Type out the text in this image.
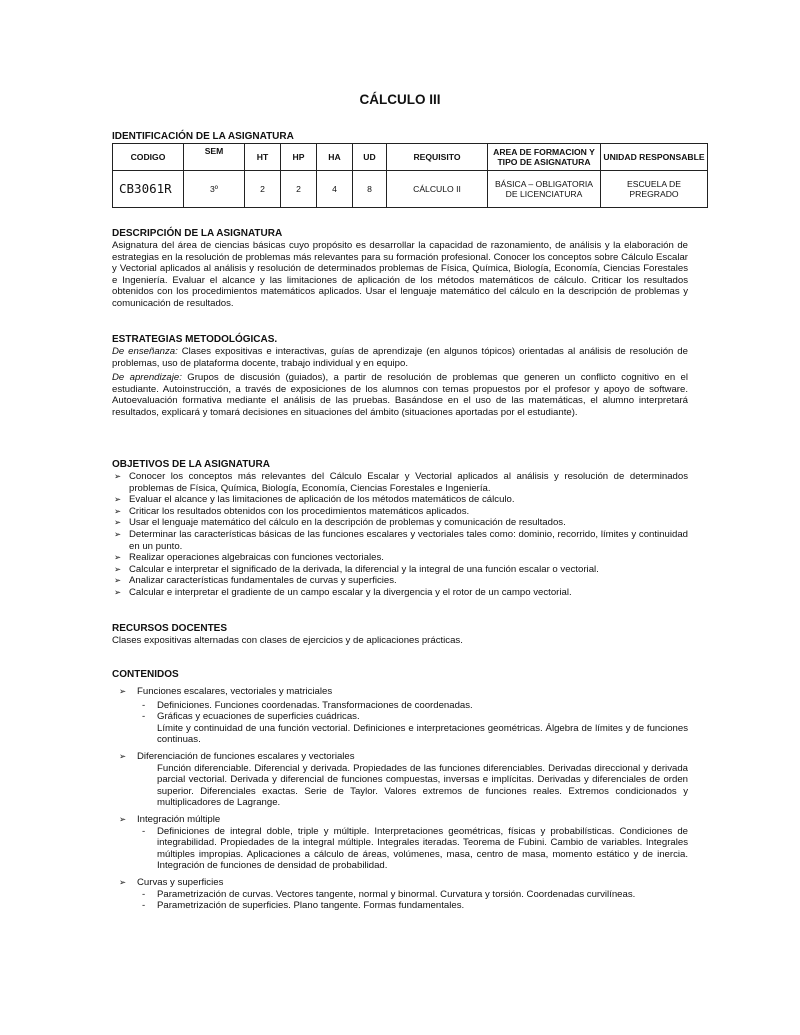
CÁLCULO III

IDENTIFICACIÓN DE LA ASIGNATURA

CODIGO	SEM	HT	HP	HA	UD	REQUISITO	AREA DE FORMACION Y TIPO DE ASIGNATURA	UNIDAD RESPONSABLE
CB3061R	3º	2	2	4	8	CÁLCULO II	BÁSICA – OBLIGATORIA DE LICENCIATURA	ESCUELA DE PREGRADO

DESCRIPCIÓN DE LA ASIGNATURA

Asignatura del área de ciencias básicas cuyo propósito es desarrollar la capacidad de razonamiento, de análisis y la elaboración de estrategias en la resolución de problemas más relevantes para su formación profesional. Conocer los conceptos sobre Cálculo Escalar y Vectorial aplicados al análisis y resolución de determinados problemas de Física, Química, Biología, Economía, Ciencias Forestales e Ingeniería. Evaluar el alcance y las limitaciones de aplicación de los métodos matemáticos de cálculo. Criticar los resultados obtenidos con los procedimientos matemáticos aplicados. Usar el lenguaje matemático del cálculo en la descripción de problemas y comunicación de resultados.

ESTRATEGIAS METODOLÓGICAS.

De enseñanza: Clases expositivas e interactivas, guías de aprendizaje (en algunos tópicos) orientadas al análisis de resolución de problemas, uso de plataforma docente, trabajo individual y en equipo.

De aprendizaje: Grupos de discusión (guiados), a partir de resolución de problemas que generen un conflicto cognitivo en el estudiante. Autoinstrucción, a través de exposiciones de los alumnos con temas propuestos por el profesor y apoyo de software. Autoevaluación formativa mediante el análisis de las pruebas. Basándose en el uso de las matemáticas, el alumno interpretará resultados, explicará y tomará decisiones en situaciones del ámbito (situaciones aportadas por el estudiante).

OBJETIVOS DE LA ASIGNATURA

➢ Conocer los conceptos más relevantes del Cálculo Escalar y Vectorial aplicados al análisis y resolución de determinados problemas de Física, Química, Biología, Economía, Ciencias Forestales e Ingeniería.
➢ Evaluar el alcance y las limitaciones de aplicación de los métodos matemáticos de cálculo.
➢ Criticar los resultados obtenidos con los procedimientos matemáticos aplicados.
➢ Usar el lenguaje matemático del cálculo en la descripción de problemas y comunicación de resultados.
➢ Determinar las características básicas de las funciones escalares y vectoriales tales como: dominio, recorrido, límites y continuidad en un punto.
➢ Realizar operaciones algebraicas con funciones vectoriales.
➢ Calcular e interpretar el significado de la derivada, la diferencial y la integral de una función escalar o vectorial.
➢ Analizar características fundamentales de curvas y superficies.
➢ Calcular e interpretar el gradiente de un campo escalar y la divergencia y el rotor de un campo vectorial.

RECURSOS DOCENTES

Clases expositivas alternadas con clases de ejercicios y de aplicaciones prácticas.

CONTENIDOS

➢ Funciones escalares, vectoriales y matriciales
- Definiciones. Funciones coordenadas. Transformaciones de coordenadas.
- Gráficas y ecuaciones de superficies cuádricas.
Límite y continuidad de una función vectorial. Definiciones e interpretaciones geométricas. Álgebra de límites y de funciones continuas.
➢ Diferenciación de funciones escalares y vectoriales
Función diferenciable. Diferencial y derivada. Propiedades de las funciones diferenciables. Derivadas direccional y derivada parcial vectorial. Derivada y diferencial de funciones compuestas, inversas e implícitas. Derivadas y diferenciales de orden superior. Diferenciales exactas. Serie de Taylor. Valores extremos de funciones reales. Extremos condicionados y multiplicadores de Lagrange.
➢ Integración múltiple
- Definiciones de integral doble, triple y múltiple. Interpretaciones geométricas, físicas y probabilísticas. Condiciones de integrabilidad. Propiedades de la integral múltiple. Integrales iteradas. Teorema de Fubini. Cambio de variables. Integrales múltiples impropias. Aplicaciones a cálculo de áreas, volúmenes, masa, centro de masa, momento estático y de inercia. Integración de funciones de densidad de probabilidad.
➢ Curvas y superficies
- Parametrización de curvas. Vectores tangente, normal y binormal. Curvatura y torsión. Coordenadas curvilíneas.
- Parametrización de superficies. Plano tangente. Formas fundamentales.
